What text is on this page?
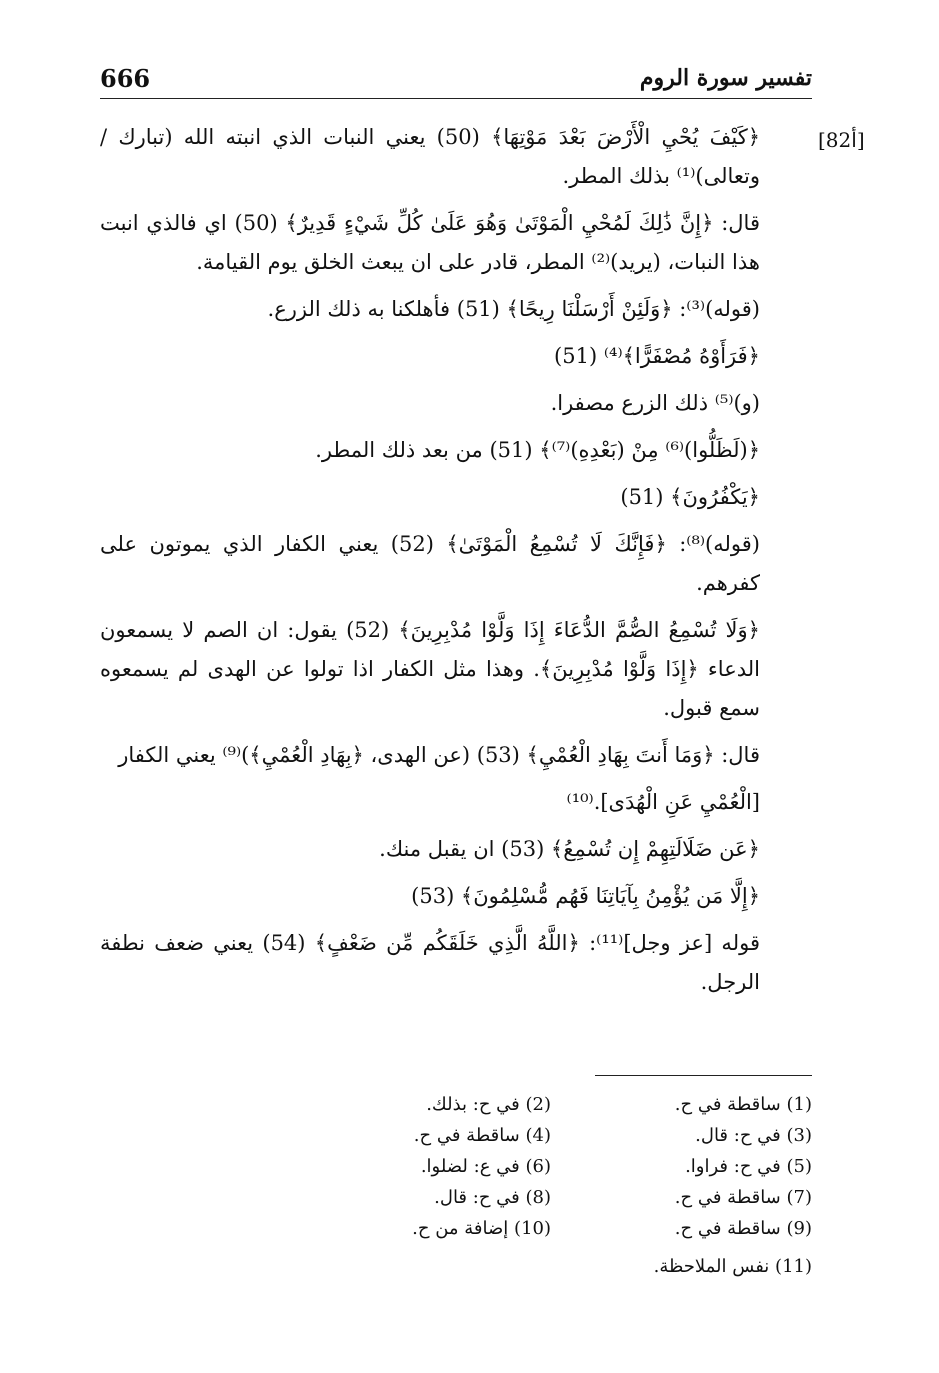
تفسير سورة الروم
666
[82أ]

﴿كَيْفَ يُحْيِ الْأَرْضَ بَعْدَ مَوْتِهَا﴾ (50) يعني النبات الذي انبته الله (تبارك / وتعالى)⁽¹⁾ بذلك المطر.

قال: ﴿إِنَّ ذَٰلِكَ لَمُحْيِ الْمَوْتَىٰ وَهُوَ عَلَىٰ كُلِّ شَيْءٍ قَدِيرٌ﴾ (50) اي فالذي انبت هذا النبات، (يريد)⁽²⁾ المطر، قادر على ان يبعث الخلق يوم القيامة.

(قوله)⁽³⁾: ﴿وَلَئِنْ أَرْسَلْنَا رِيحًا﴾ (51) فأهلكنا به ذلك الزرع.

﴿فَرَأَوْهُ مُصْفَرًّا﴾⁽⁴⁾ (51)

(و)⁽⁵⁾ ذلك الزرع مصفرا.

﴿(لَظَلُّوا)⁽⁶⁾ مِنْ (بَعْدِهِ)⁽⁷⁾﴾ (51) من بعد ذلك المطر.

﴿يَكْفُرُونَ﴾ (51)

(قوله)⁽⁸⁾: ﴿فَإِنَّكَ لَا تُسْمِعُ الْمَوْتَىٰ﴾ (52) يعني الكفار الذي يموتون على كفرهم.

﴿وَلَا تُسْمِعُ الصُّمَّ الدُّعَاءَ إِذَا وَلَّوْا مُدْبِرِينَ﴾ (52) يقول: ان الصم لا يسمعون الدعاء ﴿إِذَا وَلَّوْا مُدْبِرِينَ﴾. وهذا مثل الكفار اذا تولوا عن الهدى لم يسمعوه سمع قبول.

قال: ﴿وَمَا أَنتَ بِهَادِ الْعُمْيِ﴾ (53) (عن الهدى، ﴿بِهَادِ الْعُمْيِ﴾)⁽⁹⁾ يعني الكفار

[الْعُمْيِ عَنِ الْهُدَى].⁽¹⁰⁾

﴿عَن ضَلَالَتِهِمْ إِن تُسْمِعُ﴾ (53) ان يقبل منك.

﴿إِلَّا مَن يُؤْمِنُ بِآيَاتِنَا فَهُم مُّسْلِمُونَ﴾ (53)

قوله [عز وجل]⁽¹¹⁾: ﴿اللَّهُ الَّذِي خَلَقَكُم مِّن ضَعْفٍ﴾ (54) يعني ضعف نطفة الرجل.

(1) ساقطة في ح.
(2) في ح: بذلك.
(3) في ح: قال.
(4) ساقطة في ح.
(5) في ح: فراوا.
(6) في ع: لضلوا.
(7) ساقطة في ح.
(8) في ح: قال.
(9) ساقطة في ح.
(10) إضافة من ح.
(11) نفس الملاحظة.
